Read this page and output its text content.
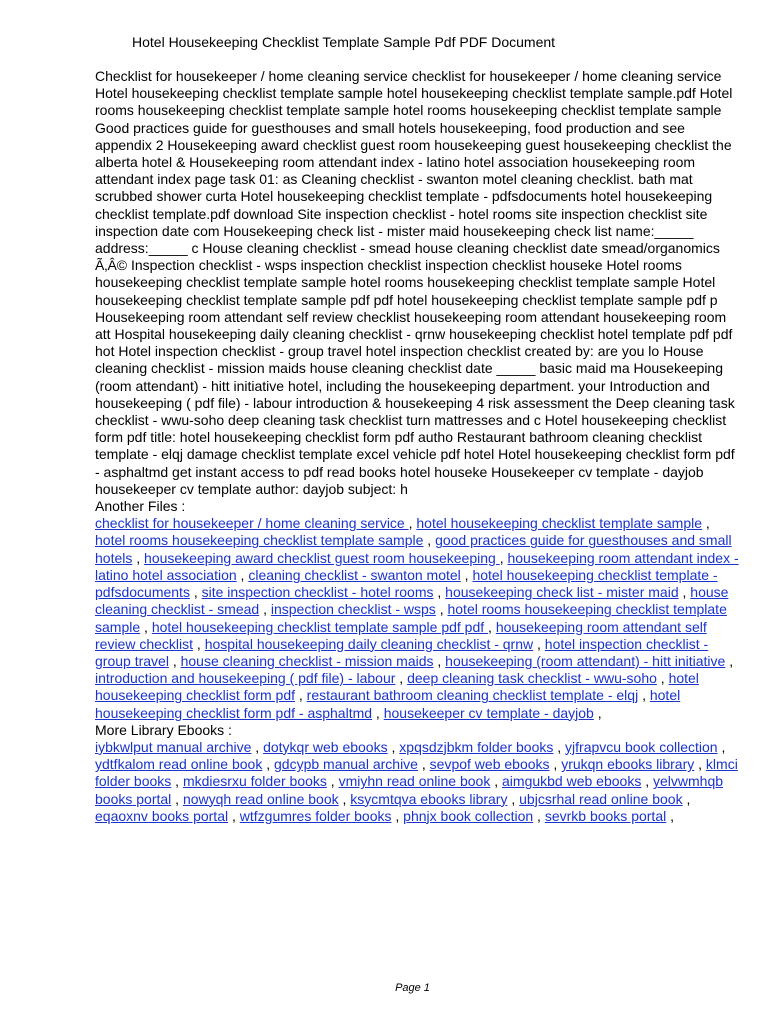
Hotel Housekeeping Checklist Template Sample Pdf PDF Document

Checklist for housekeeper / home cleaning service checklist for housekeeper / home cleaning service Hotel housekeeping checklist template sample hotel housekeeping checklist template sample.pdf Hotel rooms housekeeping checklist template sample hotel rooms housekeeping checklist template sample Good practices guide for guesthouses and small hotels housekeeping, food production and see appendix 2 Housekeeping award checklist guest room housekeeping guest housekeeping checklist the alberta hotel & Housekeeping room attendant index - latino hotel association housekeeping room attendant index page task 01: as Cleaning checklist - swanton motel cleaning checklist. bath mat scrubbed shower curta Hotel housekeeping checklist template - pdfsdocuments hotel housekeeping checklist template.pdf download Site inspection checklist - hotel rooms site inspection checklist site inspection date com Housekeeping check list - mister maid housekeeping check list name:_____ address:_____ c House cleaning checklist - smead house cleaning checklist date smead/organomics Ã‚Â© Inspection checklist - wsps inspection checklist inspection checklist houseke Hotel rooms housekeeping checklist template sample hotel rooms housekeeping checklist template sample Hotel housekeeping checklist template sample pdf pdf hotel housekeeping checklist template sample pdf p Housekeeping room attendant self review checklist housekeeping room attendant housekeeping room att Hospital housekeeping daily cleaning checklist - qrnw housekeeping checklist hotel template pdf pdf hot Hotel inspection checklist - group travel hotel inspection checklist created by: are you lo House cleaning checklist - mission maids house cleaning checklist date _____ basic maid ma Housekeeping (room attendant) - hitt initiative hotel, including the housekeeping department. your Introduction and housekeeping ( pdf file) - labour introduction & housekeeping 4 risk assessment the Deep cleaning task checklist - wwu-soho deep cleaning task checklist turn mattresses and c Hotel housekeeping checklist form pdf title: hotel housekeeping checklist form pdf autho Restaurant bathroom cleaning checklist template - elqj damage checklist template excel vehicle pdf hotel Hotel housekeeping checklist form pdf - asphaltmd get instant access to pdf read books hotel houseke Housekeeper cv template - dayjob housekeeper cv template author: dayjob subject: h

Another Files :

checklist for housekeeper / home cleaning service , hotel housekeeping checklist template sample , hotel rooms housekeeping checklist template sample , good practices guide for guesthouses and small hotels , housekeeping award checklist guest room housekeeping , housekeeping room attendant index - latino hotel association , cleaning checklist - swanton motel , hotel housekeeping checklist template - pdfsdocuments , site inspection checklist - hotel rooms , housekeeping check list - mister maid , house cleaning checklist - smead , inspection checklist - wsps , hotel rooms housekeeping checklist template sample , hotel housekeeping checklist template sample pdf pdf , housekeeping room attendant self review checklist , hospital housekeeping daily cleaning checklist - qrnw , hotel inspection checklist - group travel , house cleaning checklist - mission maids , housekeeping (room attendant) - hitt initiative , introduction and housekeeping ( pdf file) - labour , deep cleaning task checklist - wwu-soho , hotel housekeeping checklist form pdf , restaurant bathroom cleaning checklist template - elqj , hotel housekeeping checklist form pdf - asphaltmd , housekeeper cv template - dayjob ,

More Library Ebooks :

iybkwlput manual archive , dotykqr web ebooks , xpqsdzjbkm folder books , yjfrapvcu book collection , ydtfkalom read online book , gdcypb manual archive , sevpof web ebooks , yrukqn ebooks library , klmci folder books , mkdiesrxu folder books , vmiyhn read online book , aimgukbd web ebooks , yelvwmhqb books portal , nowyqh read online book , ksycmtqva ebooks library , ubjcsrhal read online book , eqaoxnv books portal , wtfzgumres folder books , phnjx book collection , sevrkb books portal ,

Page 1
